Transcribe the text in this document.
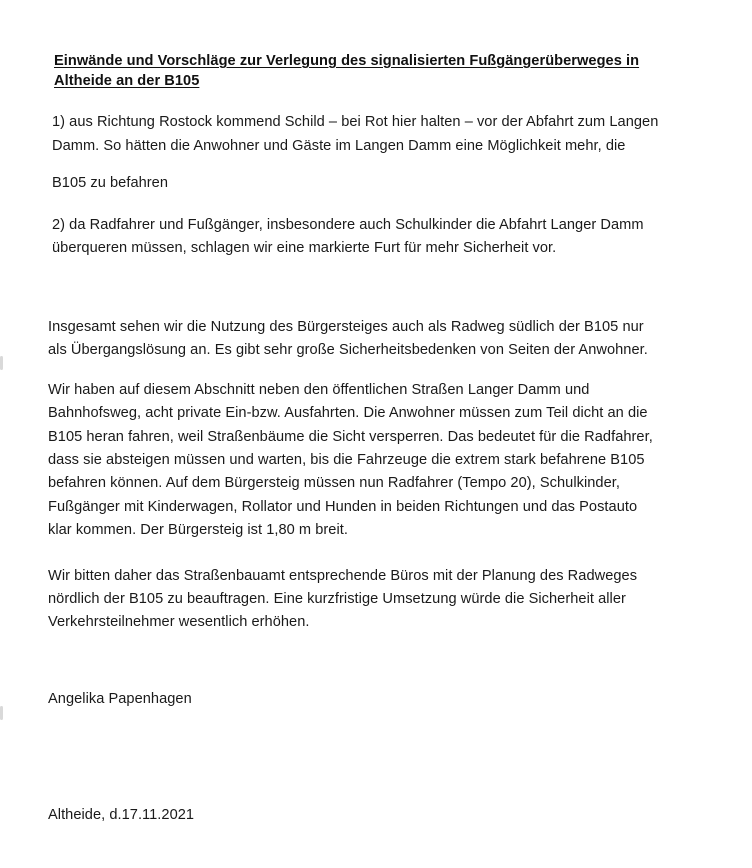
Einwände und Vorschläge zur Verlegung des signalisierten Fußgängerüberweges in
Altheide an der B105
1) aus Richtung Rostock kommend Schild – bei Rot hier halten – vor der Abfahrt zum Langen
Damm. So hätten die Anwohner und Gäste im Langen Damm eine Möglichkeit mehr, die
B105 zu befahren
2) da Radfahrer und Fußgänger, insbesondere auch Schulkinder die Abfahrt Langer Damm
überqueren müssen, schlagen wir eine markierte Furt für mehr Sicherheit vor.
Insgesamt sehen wir die Nutzung des Bürgersteiges auch als Radweg südlich der B105 nur
als Übergangslösung an. Es gibt sehr große Sicherheitsbedenken von Seiten der Anwohner.
Wir haben auf diesem Abschnitt neben den öffentlichen Straßen Langer Damm und
Bahnhofsweg, acht private Ein-bzw. Ausfahrten. Die Anwohner müssen zum Teil dicht an die
B105 heran fahren, weil Straßenbäume die Sicht versperren. Das bedeutet für die Radfahrer,
dass sie absteigen müssen und warten, bis die Fahrzeuge die extrem stark befahrene B105
befahren können. Auf dem Bürgersteig müssen nun Radfahrer (Tempo 20), Schulkinder,
Fußgänger mit Kinderwagen, Rollator und Hunden in beiden Richtungen und das Postauto
klar kommen. Der Bürgersteig ist 1,80 m breit.
Wir bitten daher das Straßenbauamt entsprechende Büros mit der Planung des Radweges
nördlich der B105 zu beauftragen. Eine kurzfristige Umsetzung würde die Sicherheit aller
Verkehrsteilnehmer wesentlich erhöhen.
Angelika Papenhagen
Altheide, d.17.11.2021
